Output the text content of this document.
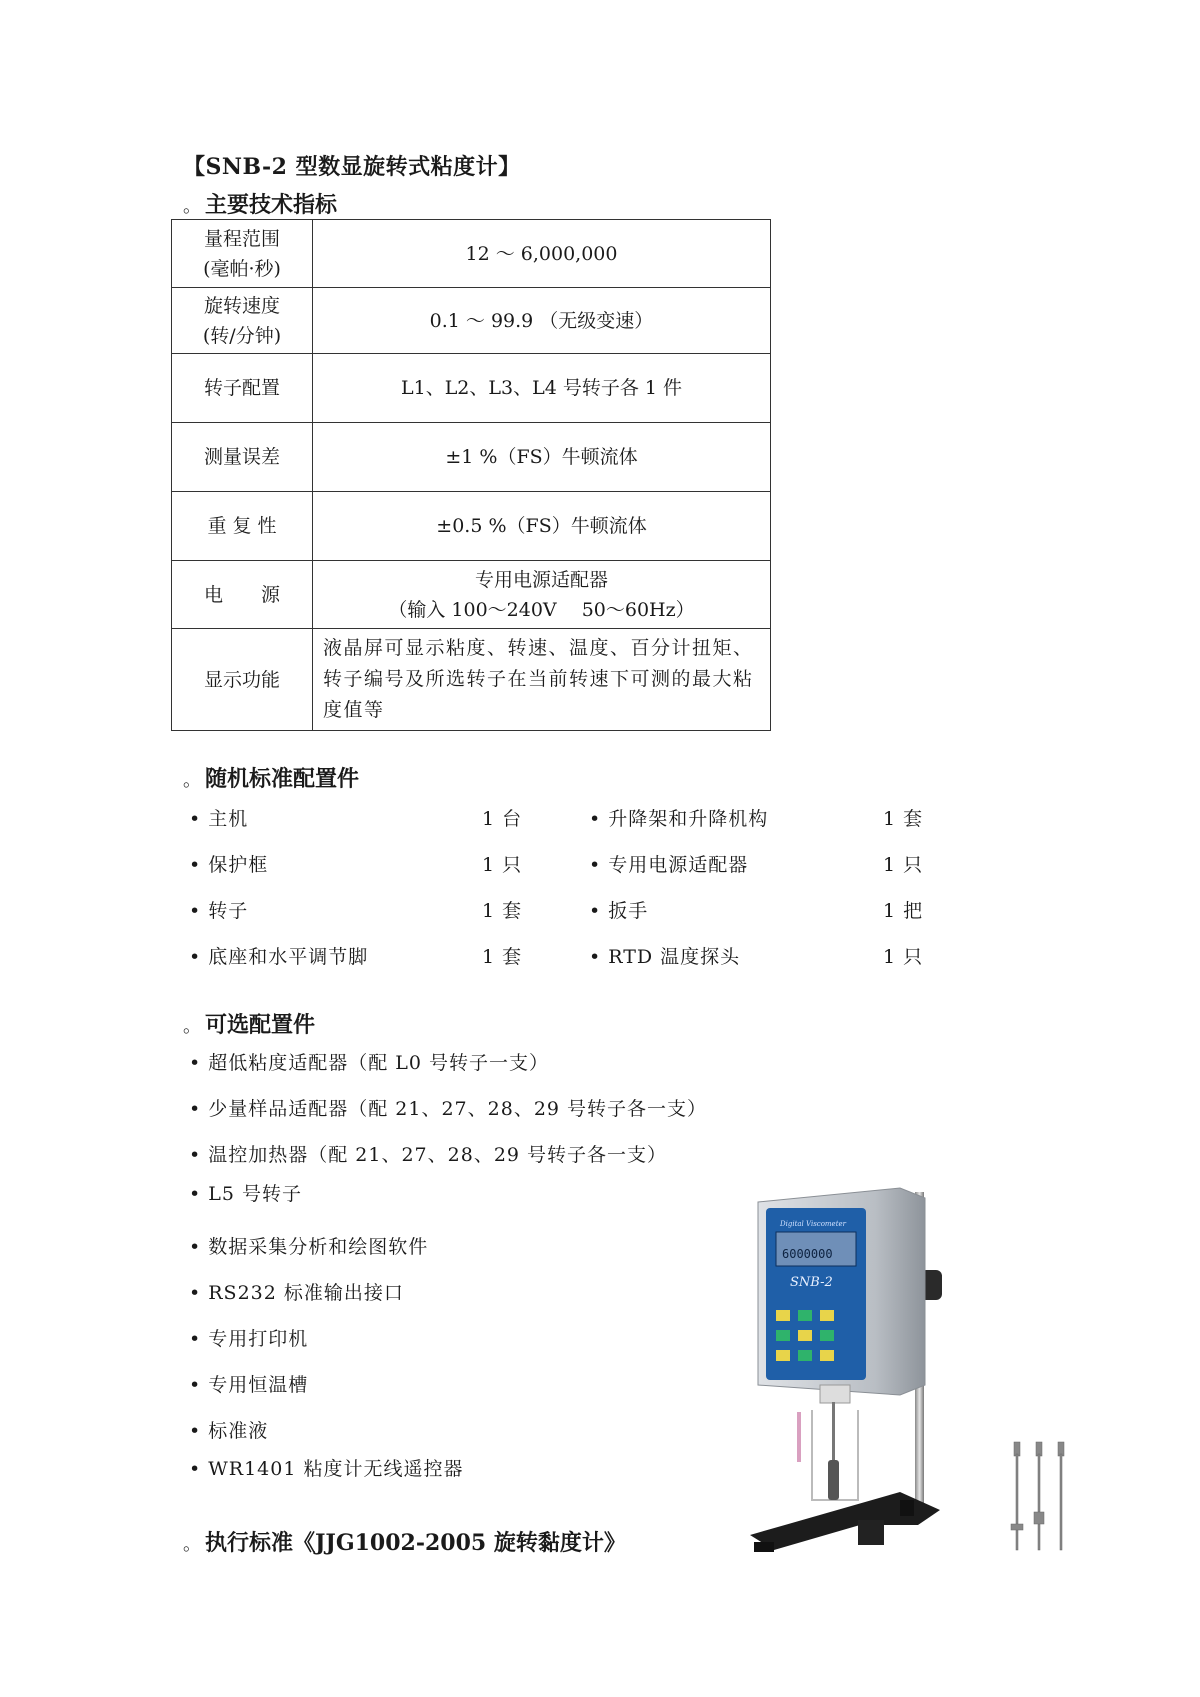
【SNB-2 型数显旋转式粘度计】
。 主要技术指标
量程范围
(毫帕·秒)	12 ～ 6,000,000
旋转速度
(转/分钟)	0.1 ～ 99.9 （无级变速）
转子配置	L1、L2、L3、L4 号转子各 1 件
测量误差	±1 %（FS）牛顿流体
重 复 性	±0.5 %（FS）牛顿流体
电　　源	专用电源适配器
（输入 100～240V　 50～60Hz）
显示功能	液晶屏可显示粘度、转速、温度、百分计扭矩、转子编号及所选转子在当前转速下可测的最大粘度值等
。 随机标准配置件
• 主机	1 台	• 升降架和升降机构	1 套
• 保护框	1 只	• 专用电源适配器	1 只
• 转子	1 套	• 扳手	1 把
• 底座和水平调节脚	1 套	• RTD 温度探头	1 只
。 可选配置件
• 超低粘度适配器（配 L0 号转子一支）
• 少量样品适配器（配 21、27、28、29 号转子各一支）
• 温控加热器（配 21、27、28、29 号转子各一支）
• L5 号转子
• 数据采集分析和绘图软件
• RS232 标准输出接口
• 专用打印机
• 专用恒温槽
• 标准液
• WR1401 粘度计无线遥控器
。 执行标准《JJG1002-2005 旋转黏度计》
Digital Viscometer
6000000
SNB-2
